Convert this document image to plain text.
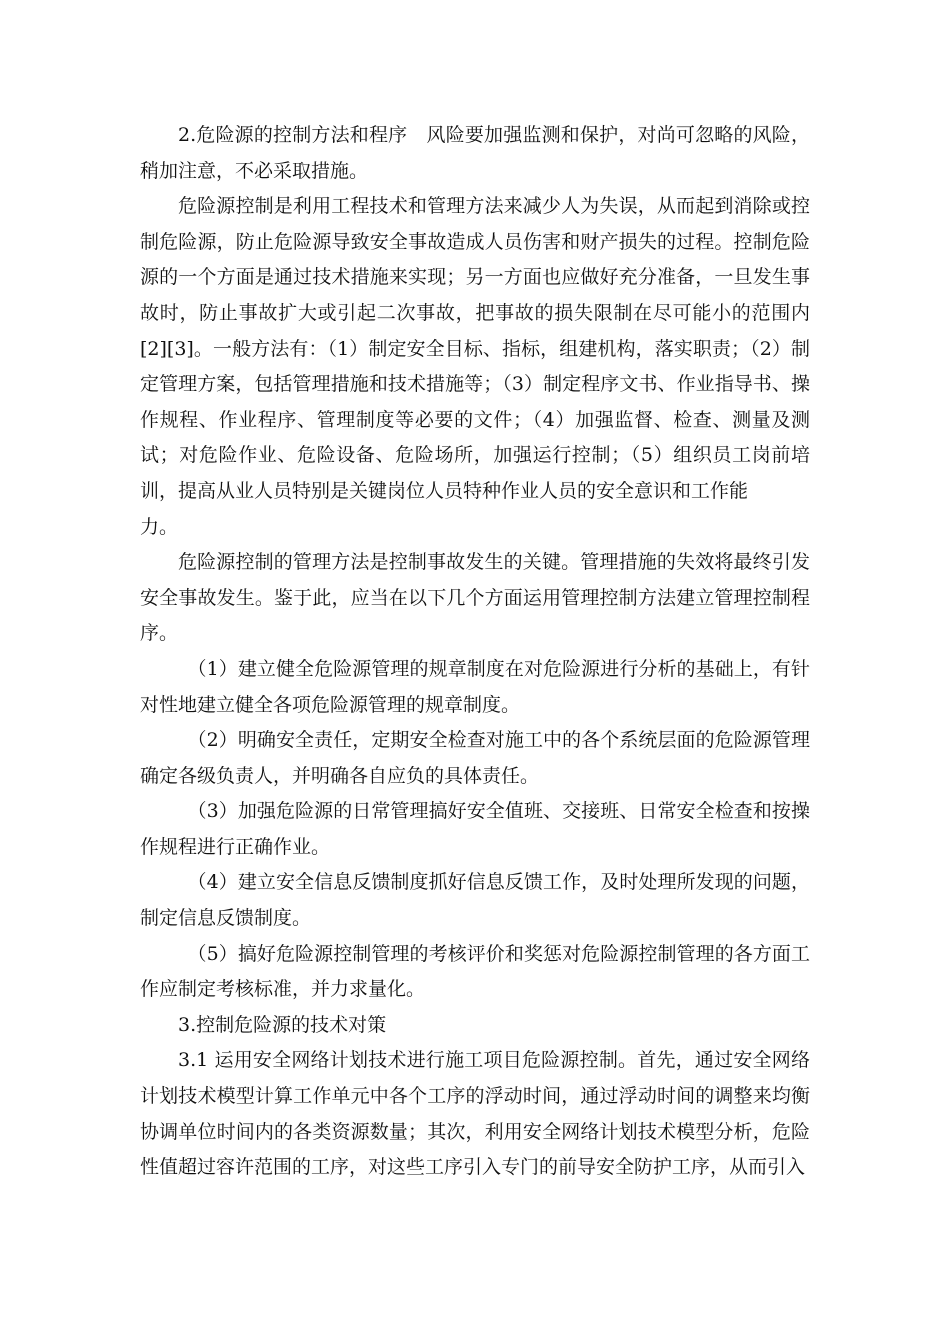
2.危险源的控制方法和程序　风险要加强监测和保护，对尚可忽略的风险，稍加注意，不必采取措施。

危险源控制是利用工程技术和管理方法来减少人为失误，从而起到消除或控制危险源，防止危险源导致安全事故造成人员伤害和财产损失的过程。控制危险源的一个方面是通过技术措施来实现；另一方面也应做好充分准备，一旦发生事故时，防止事故扩大或引起二次事故，把事故的损失限制在尽可能小的范围内[2][3]。一般方法有：（1）制定安全目标、指标，组建机构，落实职责；（2）制定管理方案，包括管理措施和技术措施等；（3）制定程序文书、作业指导书、操作规程、作业程序、管理制度等必要的文件；（4）加强监督、检查、测量及测试；对危险作业、危险设备、危险场所，加强运行控制；（5）组织员工岗前培训，提高从业人员特别是关键岗位人员特种作业人员的安全意识和工作能

力。

危险源控制的管理方法是控制事故发生的关键。管理措施的失效将最终引发安全事故发生。鉴于此，应当在以下几个方面运用管理控制方法建立管理控制程序。

（1）建立健全危险源管理的规章制度在对危险源进行分析的基础上，有针对性地建立健全各项危险源管理的规章制度。

（2）明确安全责任，定期安全检查对施工中的各个系统层面的危险源管理确定各级负责人，并明确各自应负的具体责任。

（3）加强危险源的日常管理搞好安全值班、交接班、日常安全检查和按操作规程进行正确作业。

（4）建立安全信息反馈制度抓好信息反馈工作，及时处理所发现的问题，制定信息反馈制度。

（5）搞好危险源控制管理的考核评价和奖惩对危险源控制管理的各方面工作应制定考核标准，并力求量化。

3.控制危险源的技术对策

3.1 运用安全网络计划技术进行施工项目危险源控制。首先，通过安全网络计划技术模型计算工作单元中各个工序的浮动时间，通过浮动时间的调整来均衡协调单位时间内的各类资源数量；其次，利用安全网络计划技术模型分析，危险性值超过容许范围的工序，对这些工序引入专门的前导安全防护工序，从而引入
